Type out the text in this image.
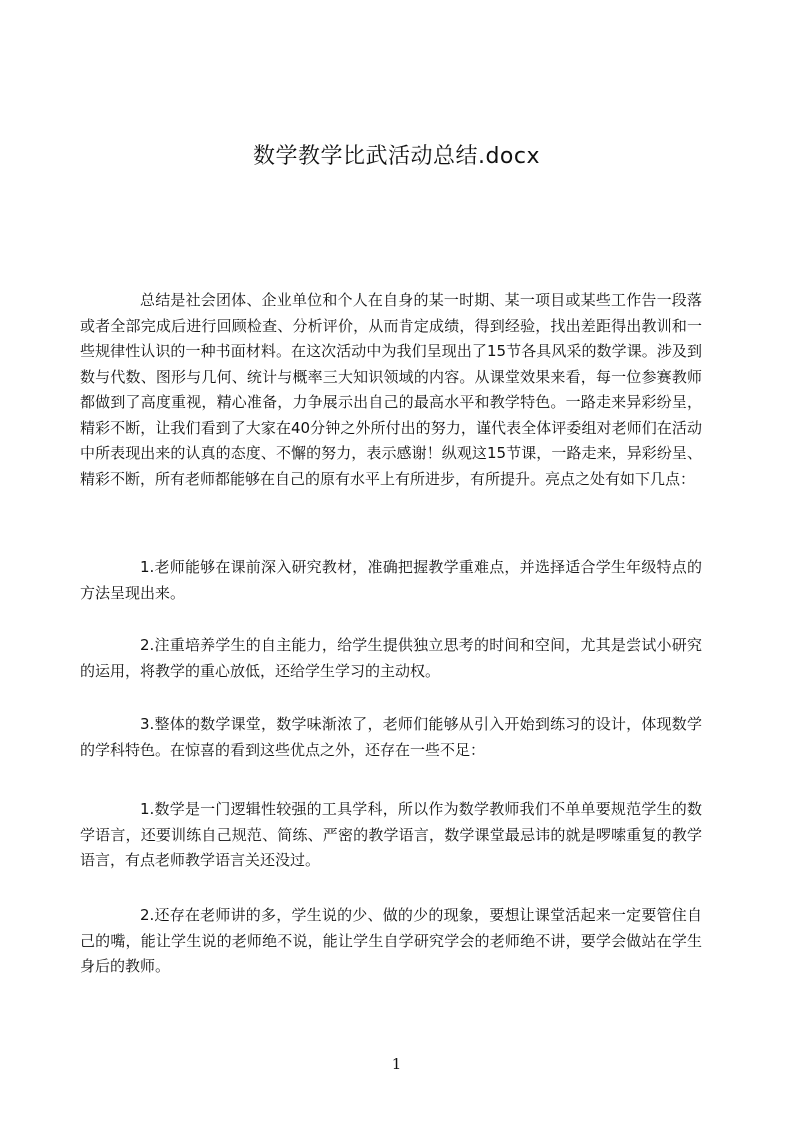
数学教学比武活动总结.docx

总结是社会团体、企业单位和个人在自身的某一时期、某一项目或某些工作告一段落或者全部完成后进行回顾检查、分析评价，从而肯定成绩，得到经验，找出差距得出教训和一些规律性认识的一种书面材料。在这次活动中为我们呈现出了15节各具风采的数学课。涉及到数与代数、图形与几何、统计与概率三大知识领域的内容。从课堂效果来看，每一位参赛教师都做到了高度重视，精心准备，力争展示出自己的最高水平和教学特色。一路走来异彩纷呈，精彩不断，让我们看到了大家在40分钟之外所付出的努力，谨代表全体评委组对老师们在活动中所表现出来的认真的态度、不懈的努力，表示感谢！纵观这15节课，一路走来，异彩纷呈、精彩不断，所有老师都能够在自己的原有水平上有所进步，有所提升。亮点之处有如下几点：

1.老师能够在课前深入研究教材，准确把握教学重难点，并选择适合学生年级特点的方法呈现出来。

2.注重培养学生的自主能力，给学生提供独立思考的时间和空间，尤其是尝试小研究的运用，将教学的重心放低，还给学生学习的主动权。

3.整体的数学课堂，数学味渐浓了，老师们能够从引入开始到练习的设计，体现数学的学科特色。在惊喜的看到这些优点之外，还存在一些不足：

1.数学是一门逻辑性较强的工具学科，所以作为数学教师我们不单单要规范学生的数学语言，还要训练自己规范、简练、严密的教学语言，数学课堂最忌讳的就是啰嗦重复的教学语言，有点老师教学语言关还没过。

2.还存在老师讲的多，学生说的少、做的少的现象，要想让课堂活起来一定要管住自己的嘴，能让学生说的老师绝不说，能让学生自学研究学会的老师绝不讲，要学会做站在学生身后的教师。

1
